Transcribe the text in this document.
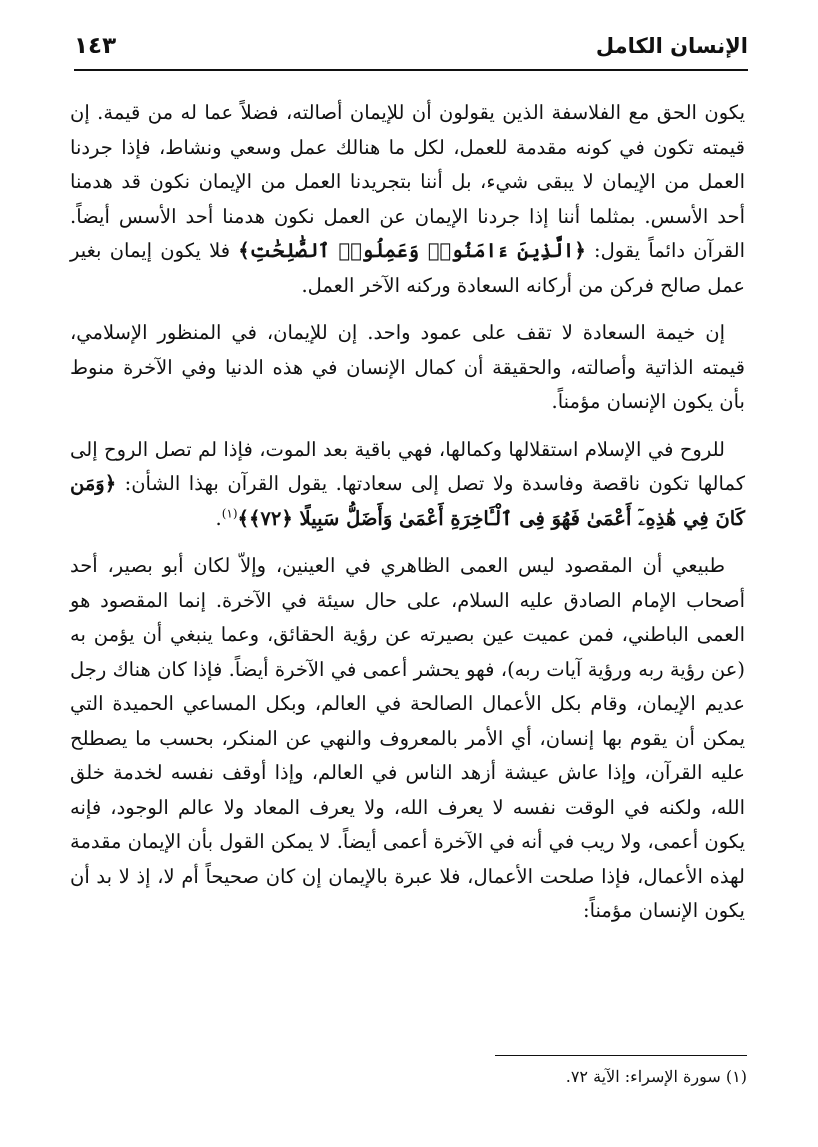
الإنسان الكامل
١٤٣

يكون الحق مع الفلاسفة الذين يقولون أن للإيمان أصالته، فضلاً عما له من قيمة. إن قيمته تكون في كونه مقدمة للعمل، لكل ما هنالك عمل وسعي ونشاط، فإذا جردنا العمل من الإيمان لا يبقى شيء، بل أننا بتجريدنا العمل من الإيمان نكون قد هدمنا أحد الأسس. بمثلما أننا إذا جردنا الإيمان عن العمل نكون هدمنا أحد الأسس أيضاً. القرآن دائماً يقول: ﴿الَّذِينَ ءَامَنُوا۟ وَعَمِلُوا۟ ٱلصَّٰلِحَٰتِ﴾ فلا يكون إيمان بغير عمل صالح فركن من أركانه السعادة وركنه الآخر العمل.

إن خيمة السعادة لا تقف على عمود واحد. إن للإيمان، في المنظور الإسلامي، قيمته الذاتية وأصالته، والحقيقة أن كمال الإنسان في هذه الدنيا وفي الآخرة منوط بأن يكون الإنسان مؤمناً.

للروح في الإسلام استقلالها وكمالها، فهي باقية بعد الموت، فإذا لم تصل الروح إلى كمالها تكون ناقصة وفاسدة ولا تصل إلى سعادتها. يقول القرآن بهذا الشأن: ﴿وَمَن كَانَ فِي هَٰذِهِۦٓ أَعْمَىٰ فَهُوَ فِى ٱلْـَٔاخِرَةِ أَعْمَىٰ وَأَضَلُّ سَبِيلًا ﴿٧٢﴾﴾$^{(١)}$.

طبيعي أن المقصود ليس العمى الظاهري في العينين، وإلاّ لكان أبو بصير، أحد أصحاب الإمام الصادق عليه السلام، على حال سيئة في الآخرة. إنما المقصود هو العمى الباطني، فمن عميت عين بصيرته عن رؤية الحقائق، وعما ينبغي أن يؤمن به (عن رؤية ربه ورؤية آيات ربه)، فهو يحشر أعمى في الآخرة أيضاً. فإذا كان هناك رجل عديم الإيمان، وقام بكل الأعمال الصالحة في العالم، وبكل المساعي الحميدة التي يمكن أن يقوم بها إنسان، أي الأمر بالمعروف والنهي عن المنكر، بحسب ما يصطلح عليه القرآن، وإذا عاش عيشة أزهد الناس في العالم، وإذا أوقف نفسه لخدمة خلق الله، ولكنه في الوقت نفسه لا يعرف الله، ولا يعرف المعاد ولا عالم الوجود، فإنه يكون أعمى، ولا ريب في أنه في الآخرة أعمى أيضاً. لا يمكن القول بأن الإيمان مقدمة لهذه الأعمال، فإذا صلحت الأعمال، فلا عبرة بالإيمان إن كان صحيحاً أم لا، إذ لا بد أن يكون الإنسان مؤمناً:

(١) سورة الإسراء: الآية ٧٢.
